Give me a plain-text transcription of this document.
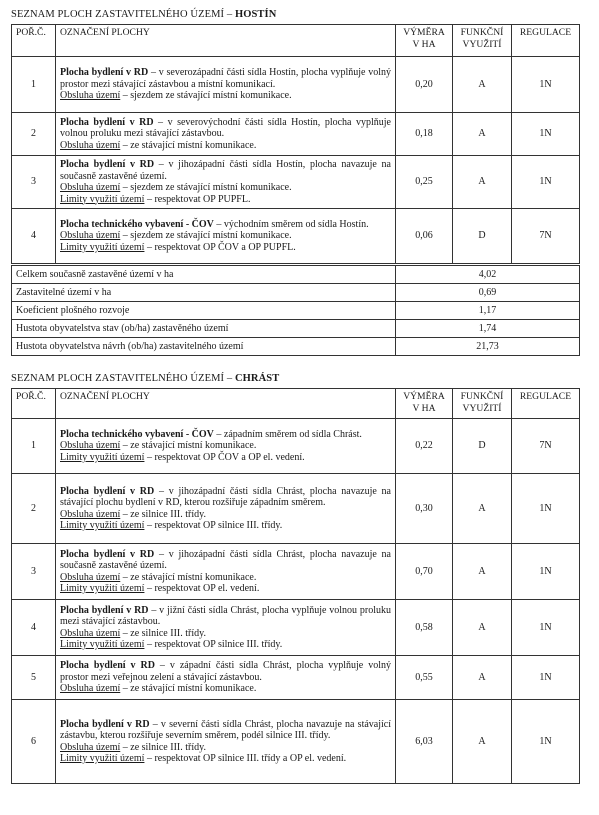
SEZNAM PLOCH ZASTAVITELNÉHO ÚZEMÍ – HOSTÍN
POŘ.Č.	OZNAČENÍ PLOCHY	VÝMĚRA
V HA	FUNKČNÍ
VYUŽITÍ	REGULACE
1	Plocha bydlení v RD – v severozápadní části sídla Hostín, plocha vyplňuje volný prostor mezi stávající zástavbou a místní komunikací.
Obsluha území – sjezdem ze stávající místní komunikace.	0,20	A	1N
2	Plocha bydlení v RD – v severovýchodní části sídla Hostín, plocha vyplňuje volnou proluku mezi stávající zástavbou.
Obsluha území – ze stávající místní komunikace.	0,18	A	1N
3	Plocha bydlení v RD – v jihozápadní části sídla Hostín, plocha navazuje na současně zastavěné území.
Obsluha území – sjezdem ze stávající místní komunikace.
Limity využití území – respektovat OP PUPFL.	0,25	A	1N
4	Plocha technického vybavení - ČOV – východním směrem od sídla Hostín.
Obsluha území – sjezdem ze stávající místní komunikace.
Limity využití území – respektovat OP ČOV a OP PUPFL.	0,06	D	7N
Celkem současně zastavěné území v ha	4,02
Zastavitelné území v ha	0,69
Koeficient plošného rozvoje	1,17
Hustota obyvatelstva stav (ob/ha) zastavěného území	1,74
Hustota obyvatelstva návrh (ob/ha) zastavitelného území	21,73
SEZNAM PLOCH ZASTAVITELNÉHO ÚZEMÍ – CHRÁST
POŘ.Č.	OZNAČENÍ PLOCHY	VÝMĚRA
V HA	FUNKČNÍ
VYUŽITÍ	REGULACE
1	Plocha technického vybavení - ČOV – západním směrem od sídla Chrást.
Obsluha území – ze stávající místní komunikace.
Limity využití území – respektovat OP ČOV a OP el. vedení.	0,22	D	7N
2	Plocha bydlení v RD – v jihozápadní části sídla Chrást, plocha navazuje na stávající plochu bydlení v RD, kterou rozšiřuje západním směrem.
Obsluha území – ze silnice III. třídy.
Limity využití území – respektovat OP silnice III. třídy.	0,30	A	1N
3	Plocha bydlení v RD – v jihozápadní části sídla Chrást, plocha navazuje na současně zastavěné území.
Obsluha území – ze stávající místní komunikace.
Limity využití území – respektovat OP el. vedení.	0,70	A	1N
4	Plocha bydlení v RD – v jižní části sídla Chrást, plocha vyplňuje volnou proluku mezi stávající zástavbou.
Obsluha území – ze silnice III. třídy.
Limity využití území – respektovat OP silnice III. třídy.	0,58	A	1N
5	Plocha bydlení v RD – v západní části sídla Chrást, plocha vyplňuje volný prostor mezi veřejnou zelení a stávající zástavbou.
Obsluha území – ze stávající místní komunikace.	0,55	A	1N
6	Plocha bydlení v RD – v severní části sídla Chrást, plocha navazuje na stávající zástavbu, kterou rozšiřuje severním směrem, podél silnice III. třídy.
Obsluha území – ze silnice III. třídy.
Limity využití území – respektovat OP silnice III. třídy a OP el. vedení.	6,03	A	1N
